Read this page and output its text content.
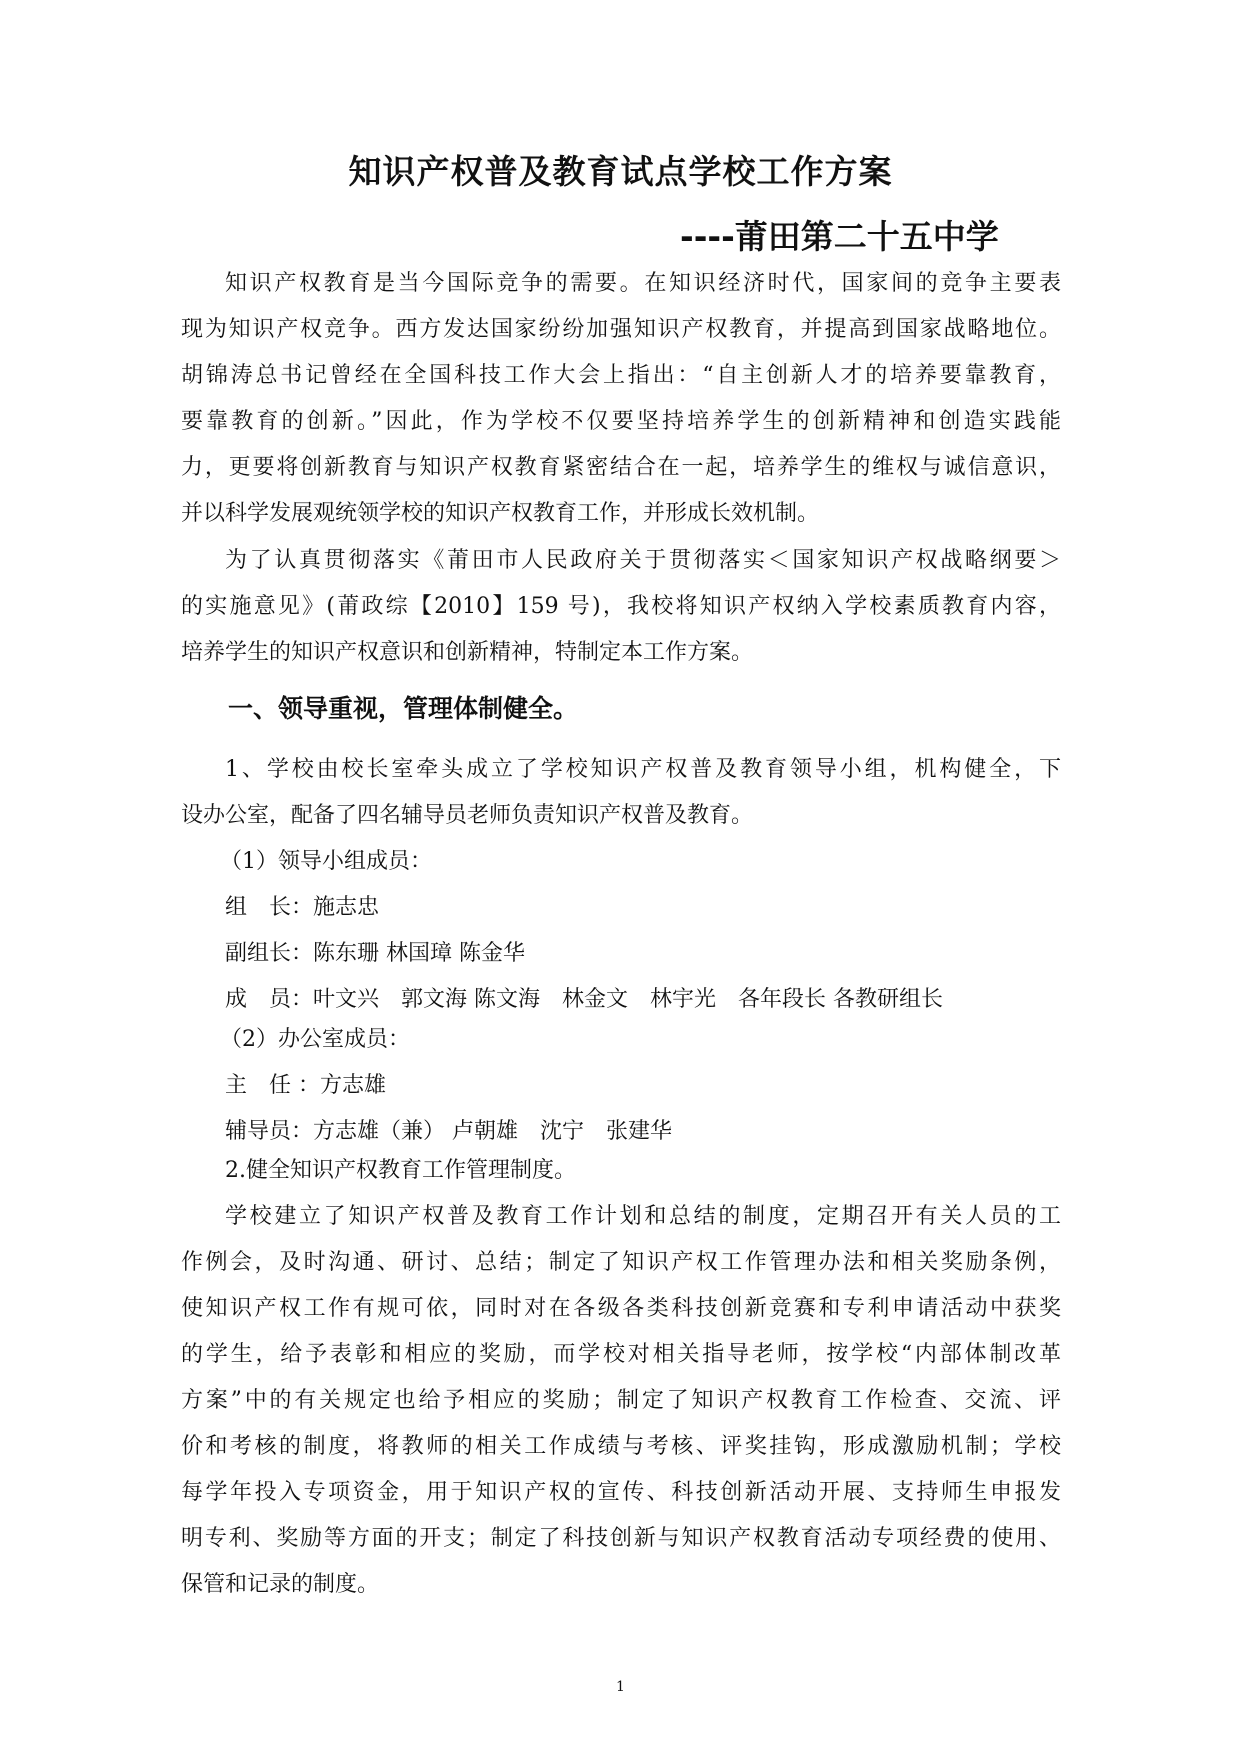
知识产权普及教育试点学校工作方案
----莆田第二十五中学

知识产权教育是当今国际竞争的需要。在知识经济时代，国家间的竞争主要表

现为知识产权竞争。西方发达国家纷纷加强知识产权教育，并提高到国家战略地位。

胡锦涛总书记曾经在全国科技工作大会上指出：“自主创新人才的培养要靠教育，

要靠教育的创新。”因此，作为学校不仅要坚持培养学生的创新精神和创造实践能

力，更要将创新教育与知识产权教育紧密结合在一起，培养学生的维权与诚信意识，

并以科学发展观统领学校的知识产权教育工作，并形成长效机制。

为了认真贯彻落实《莆田市人民政府关于贯彻落实＜国家知识产权战略纲要＞

的实施意见》(莆政综【2010】159 号)，我校将知识产权纳入学校素质教育内容，

培养学生的知识产权意识和创新精神，特制定本工作方案。

一、领导重视，管理体制健全。

1、学校由校长室牵头成立了学校知识产权普及教育领导小组，机构健全，下

设办公室，配备了四名辅导员老师负责知识产权普及教育。

（1）领导小组成员：

组　长：施志忠

副组长：陈东珊 林国璋 陈金华

成　员：叶文兴　郭文海 陈文海　林金文　林宇光　各年段长 各教研组长

（2）办公室成员：

主　任 ：方志雄

辅导员：方志雄（兼） 卢朝雄　沈宁　张建华

2.健全知识产权教育工作管理制度。

学校建立了知识产权普及教育工作计划和总结的制度，定期召开有关人员的工

作例会，及时沟通、研讨、总结；制定了知识产权工作管理办法和相关奖励条例，

使知识产权工作有规可依，同时对在各级各类科技创新竞赛和专利申请活动中获奖

的学生，给予表彰和相应的奖励，而学校对相关指导老师，按学校“内部体制改革

方案”中的有关规定也给予相应的奖励；制定了知识产权教育工作检查、交流、评

价和考核的制度，将教师的相关工作成绩与考核、评奖挂钩，形成激励机制；学校

每学年投入专项资金，用于知识产权的宣传、科技创新活动开展、支持师生申报发

明专利、奖励等方面的开支；制定了科技创新与知识产权教育活动专项经费的使用、

保管和记录的制度。

1
